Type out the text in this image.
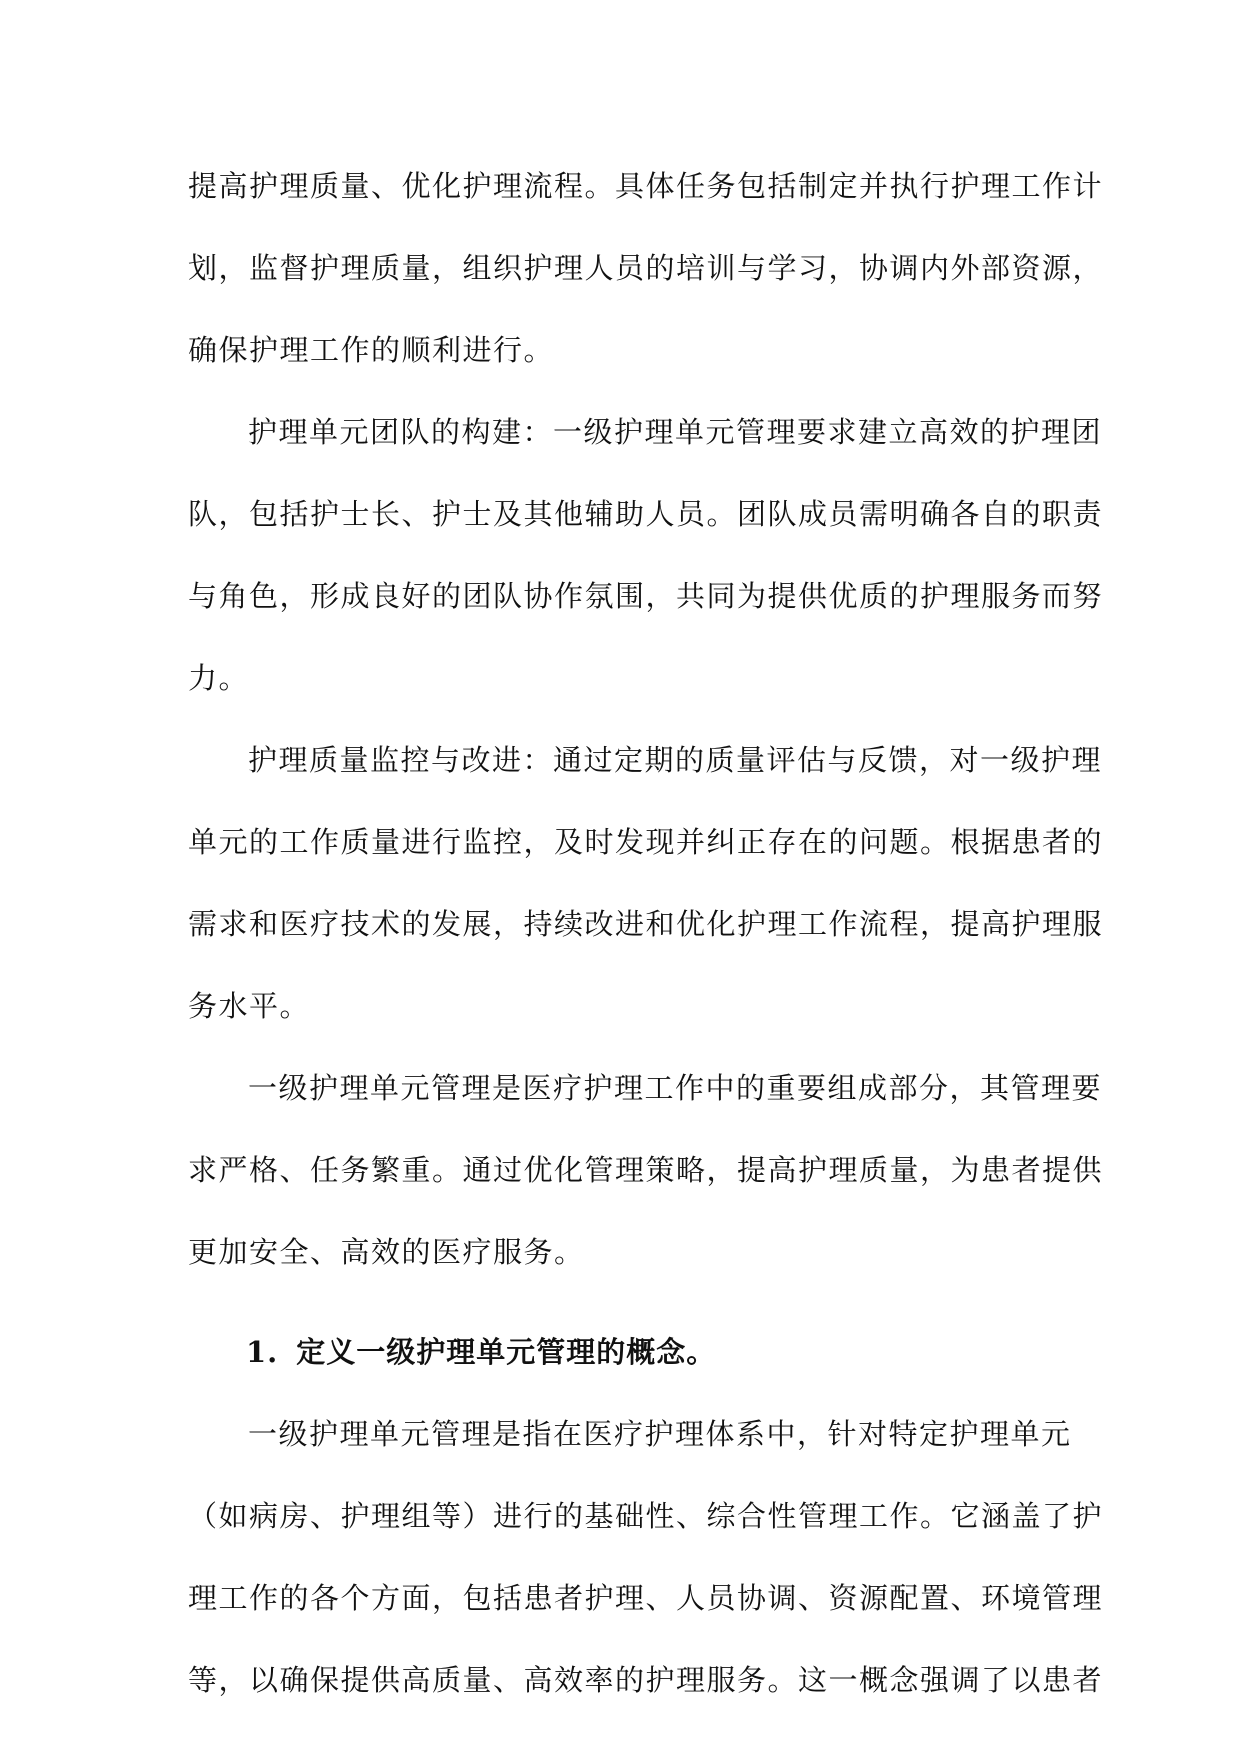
提高护理质量、优化护理流程。具体任务包括制定并执行护理工作计
划，监督护理质量，组织护理人员的培训与学习，协调内外部资源，
确保护理工作的顺利进行。

护理单元团队的构建：一级护理单元管理要求建立高效的护理团
队，包括护士长、护士及其他辅助人员。团队成员需明确各自的职责
与角色，形成良好的团队协作氛围，共同为提供优质的护理服务而努
力。

护理质量监控与改进：通过定期的质量评估与反馈，对一级护理
单元的工作质量进行监控，及时发现并纠正存在的问题。根据患者的
需求和医疗技术的发展，持续改进和优化护理工作流程，提高护理服
务水平。

一级护理单元管理是医疗护理工作中的重要组成部分，其管理要
求严格、任务繁重。通过优化管理策略，提高护理质量，为患者提供
更加安全、高效的医疗服务。

1. 定义一级护理单元管理的概念。

一级护理单元管理是指在医疗护理体系中，针对特定护理单元
（如病房、护理组等）进行的基础性、综合性管理工作。它涵盖了护
理工作的各个方面，包括患者护理、人员协调、资源配置、环境管理
等，以确保提供高质量、高效率的护理服务。这一概念强调了以患者
